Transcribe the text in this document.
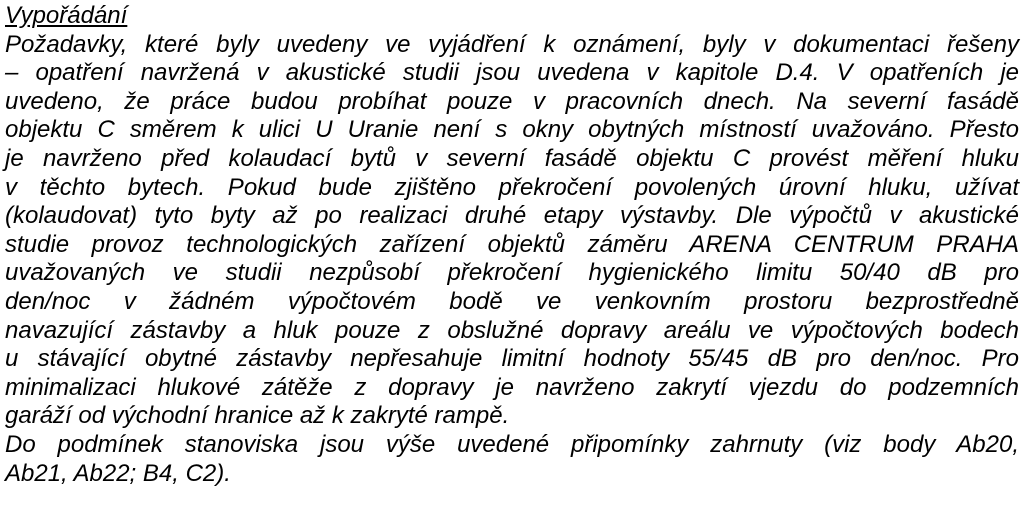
Vypořádání
Požadavky, které byly uvedeny ve vyjádření k oznámení, byly v dokumentaci řešeny
– opatření navržená v akustické studii jsou uvedena v kapitole D.4. V opatřeních je
uvedeno, že práce budou probíhat pouze v pracovních dnech. Na severní fasádě
objektu C směrem k ulici U Uranie není s okny obytných místností uvažováno. Přesto
je navrženo před kolaudací bytů v severní fasádě objektu C provést měření hluku
v těchto bytech. Pokud bude zjištěno překročení povolených úrovní hluku, užívat
(kolaudovat) tyto byty až po realizaci druhé etapy výstavby. Dle výpočtů v akustické
studie provoz technologických zařízení objektů záměru ARENA CENTRUM PRAHA
uvažovaných ve studii nezpůsobí překročení hygienického limitu 50/40 dB pro
den/noc v žádném výpočtovém bodě ve venkovním prostoru bezprostředně
navazující zástavby a hluk pouze z obslužné dopravy areálu ve výpočtových bodech
u stávající obytné zástavby nepřesahuje limitní hodnoty 55/45 dB pro den/noc. Pro
minimalizaci hlukové zátěže z dopravy je navrženo zakrytí vjezdu do podzemních
garáží od východní hranice až k zakryté rampě.
Do podmínek stanoviska jsou výše uvedené připomínky zahrnuty (viz body Ab20,
Ab21, Ab22; B4, C2).
